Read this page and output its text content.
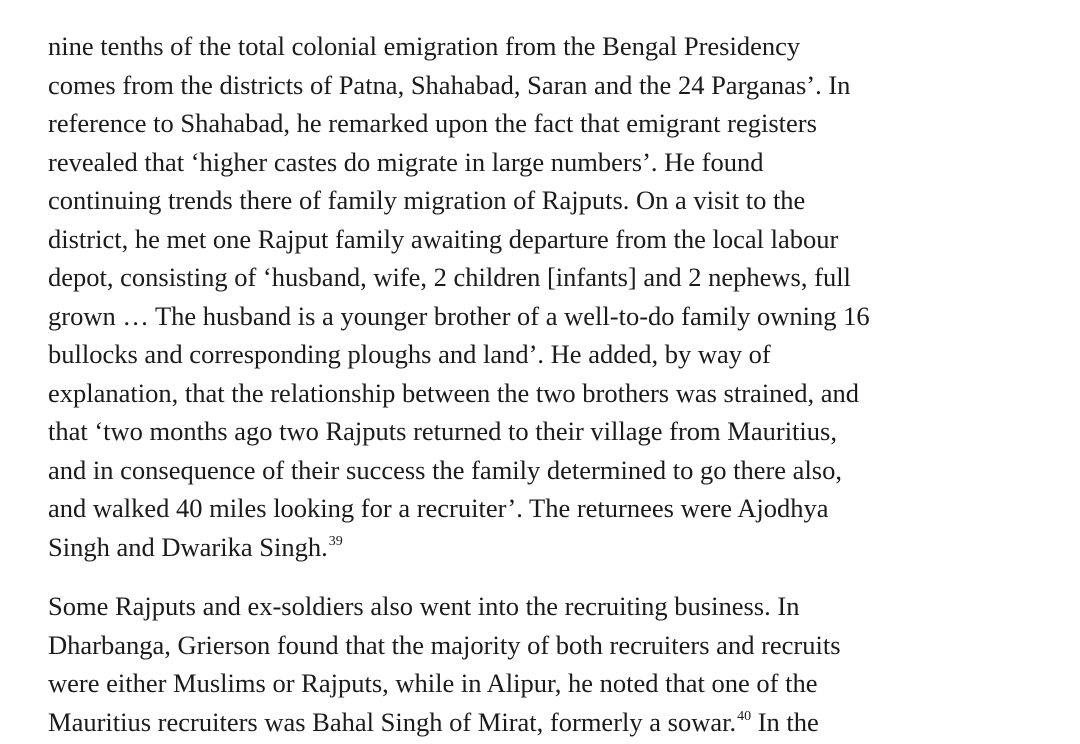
nine tenths of the total colonial emigration from the Bengal Presidency
comes from the districts of Patna, Shahabad, Saran and the 24 Parganas’. In
reference to Shahabad, he remarked upon the fact that emigrant registers
revealed that ‘higher castes do migrate in large numbers’. He found
continuing trends there of family migration of Rajputs. On a visit to the
district, he met one Rajput family awaiting departure from the local labour
depot, consisting of ‘husband, wife, 2 children [infants] and 2 nephews, full
grown … The husband is a younger brother of a well-to-do family owning 16
bullocks and corresponding ploughs and land’. He added, by way of
explanation, that the relationship between the two brothers was strained, and
that ‘two months ago two Rajputs returned to their village from Mauritius,
and in consequence of their success the family determined to go there also,
and walked 40 miles looking for a recruiter’. The returnees were Ajodhya
Singh and Dwarika Singh.$^{39}$

Some Rajputs and ex-soldiers also went into the recruiting business. In
Dharbanga, Grierson found that the majority of both recruiters and recruits
were either Muslims or Rajputs, while in Alipur, he noted that one of the
Mauritius recruiters was Bahal Singh of Mirat, formerly a sowar.$^{40}$ In the
